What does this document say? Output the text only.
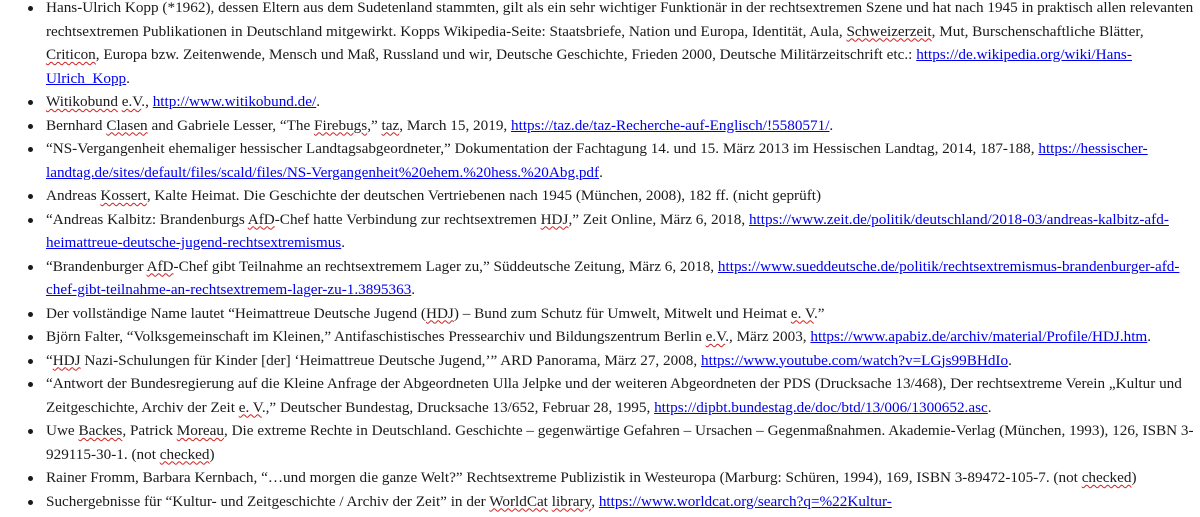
Hans-Ulrich Kopp (*1962), dessen Eltern aus dem Sudetenland stammten, gilt als ein sehr wichtiger Funktionär in der rechtsextremen Szene und hat nach 1945 in praktisch allen relevanten rechtsextremen Publikationen in Deutschland mitgewirkt. Kopps Wikipedia-Seite: Staatsbriefe, Nation und Europa, Identität, Aula, Schweizerzeit, Mut, Burschenschaftliche Blätter, Criticon, Europa bzw. Zeitenwende, Mensch und Maß, Russland und wir, Deutsche Geschichte, Frieden 2000, Deutsche Militärzeitschrift etc.: https://de.wikipedia.org/wiki/Hans-Ulrich_Kopp.
Witikobund e.V., http://www.witikobund.de/.
Bernhard Clasen and Gabriele Lesser, “The Firebugs,” taz, March 15, 2019, https://taz.de/taz-Recherche-auf-Englisch/!5580571/.
“NS-Vergangenheit ehemaliger hessischer Landtagsabgeordneter,” Dokumentation der Fachtagung 14. und 15. März 2013 im Hessischen Landtag, 2014, 187-188, https://hessischer-landtag.de/sites/default/files/scald/files/NS-Vergangenheit%20ehem.%20hess.%20Abg.pdf.
Andreas Kossert, Kalte Heimat. Die Geschichte der deutschen Vertriebenen nach 1945 (München, 2008), 182 ff. (nicht geprüft)
“Andreas Kalbitz: Brandenburgs AfD-Chef hatte Verbindung zur rechtsextremen HDJ,” Zeit Online, März 6, 2018, https://www.zeit.de/politik/deutschland/2018-03/andreas-kalbitz-afd-heimattreue-deutsche-jugend-rechtsextremismus.
“Brandenburger AfD-Chef gibt Teilnahme an rechtsextremem Lager zu,” Süddeutsche Zeitung, März 6, 2018, https://www.sueddeutsche.de/politik/rechtsextremismus-brandenburger-afd-chef-gibt-teilnahme-an-rechtsextremem-lager-zu-1.3895363.
Der vollständige Name lautet “Heimattreue Deutsche Jugend (HDJ) – Bund zum Schutz für Umwelt, Mitwelt und Heimat e. V.”
Björn Falter, “Volksgemeinschaft im Kleinen,” Antifaschistisches Pressearchiv und Bildungszentrum Berlin e.V., März 2003, https://www.apabiz.de/archiv/material/Profile/HDJ.htm.
“HDJ Nazi-Schulungen für Kinder [der] ‘Heimattreue Deutsche Jugend,’” ARD Panorama, März 27, 2008, https://www.youtube.com/watch?v=LGjs99BHdIo.
“Antwort der Bundesregierung auf die Kleine Anfrage der Abgeordneten Ulla Jelpke und der weiteren Abgeordneten der PDS (Drucksache 13/468), Der rechtsextreme Verein „Kultur und Zeitgeschichte, Archiv der Zeit e. V.,” Deutscher Bundestag, Drucksache 13/652, Februar 28, 1995, https://dipbt.bundestag.de/doc/btd/13/006/1300652.asc.
Uwe Backes, Patrick Moreau, Die extreme Rechte in Deutschland. Geschichte – gegenwärtige Gefahren – Ursachen – Gegenmaßnahmen. Akademie-Verlag (München, 1993), 126, ISBN 3-929115-30-1. (not checked)
Rainer Fromm, Barbara Kernbach, “…und morgen die ganze Welt?” Rechtsextreme Publizistik in Westeuropa (Marburg: Schüren, 1994), 169, ISBN 3-89472-105-7. (not checked)
Suchergebnisse für “Kultur- und Zeitgeschichte / Archiv der Zeit” in der WorldCat library, https://www.worldcat.org/search?q=%22Kultur-
